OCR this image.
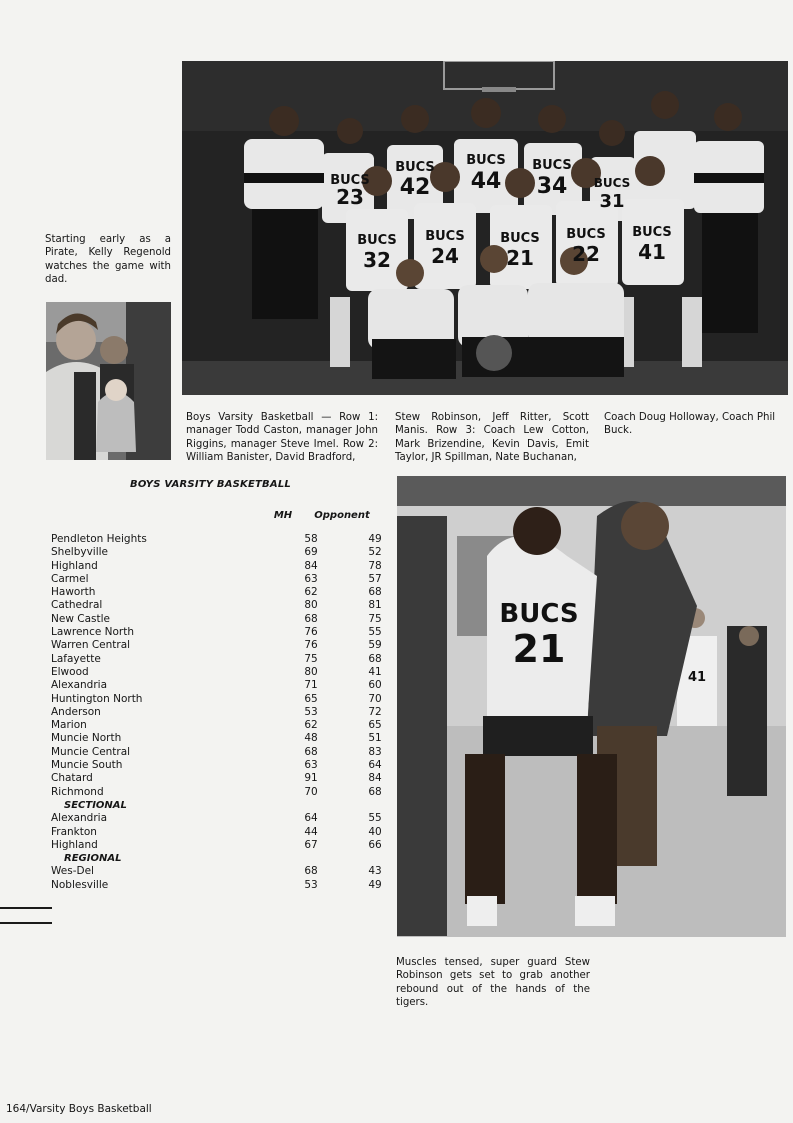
BUCS
23
BUCS
42
BUCS
44
BUCS
34 BUCS
31
BUCS
32
BUCS
24
BUCS
21
BUCS
22
BUCS
41
Starting early as a Pirate, Kelly Regenold watches the game with dad.
Boys Varsity Basketball — Row 1: manager Todd Caston, manager John Riggins, manager Steve Imel. Row 2: William Banister, David Bradford,
Stew Robinson, Jeff Ritter, Scott Manis. Row 3: Coach Lew Cotton, Mark Brizendine, Kevin Davis, Emit Taylor, JR Spillman, Nate Buchanan,
Coach Doug Holloway, Coach Phil Buck.
BOYS VARSITY BASKETBALL
MH	Opponent
Pendleton Heights	58	49
Shelbyville	69	52
Highland	84	78
Carmel	63	57
Haworth	62	68
Cathedral	80	81
New Castle	68	75
Lawrence North	76	55
Warren Central	76	59
Lafayette	75	68
Elwood	80	41
Alexandria	71	60
Huntington North	65	70
Anderson	53	72
Marion	62	65
Muncie North	48	51
Muncie Central	68	83
Muncie South	63	64
Chatard	91	84
Richmond	70	68
SECTIONAL
Alexandria	64	55
Frankton	44	40
Highland	67	66
REGIONAL
Wes-Del	68	43
Noblesville	53	49
41
BUCS
21
Muscles tensed, super guard Stew Robinson gets set to grab another rebound out of the hands of the tigers.
164/Varsity Boys Basketball
